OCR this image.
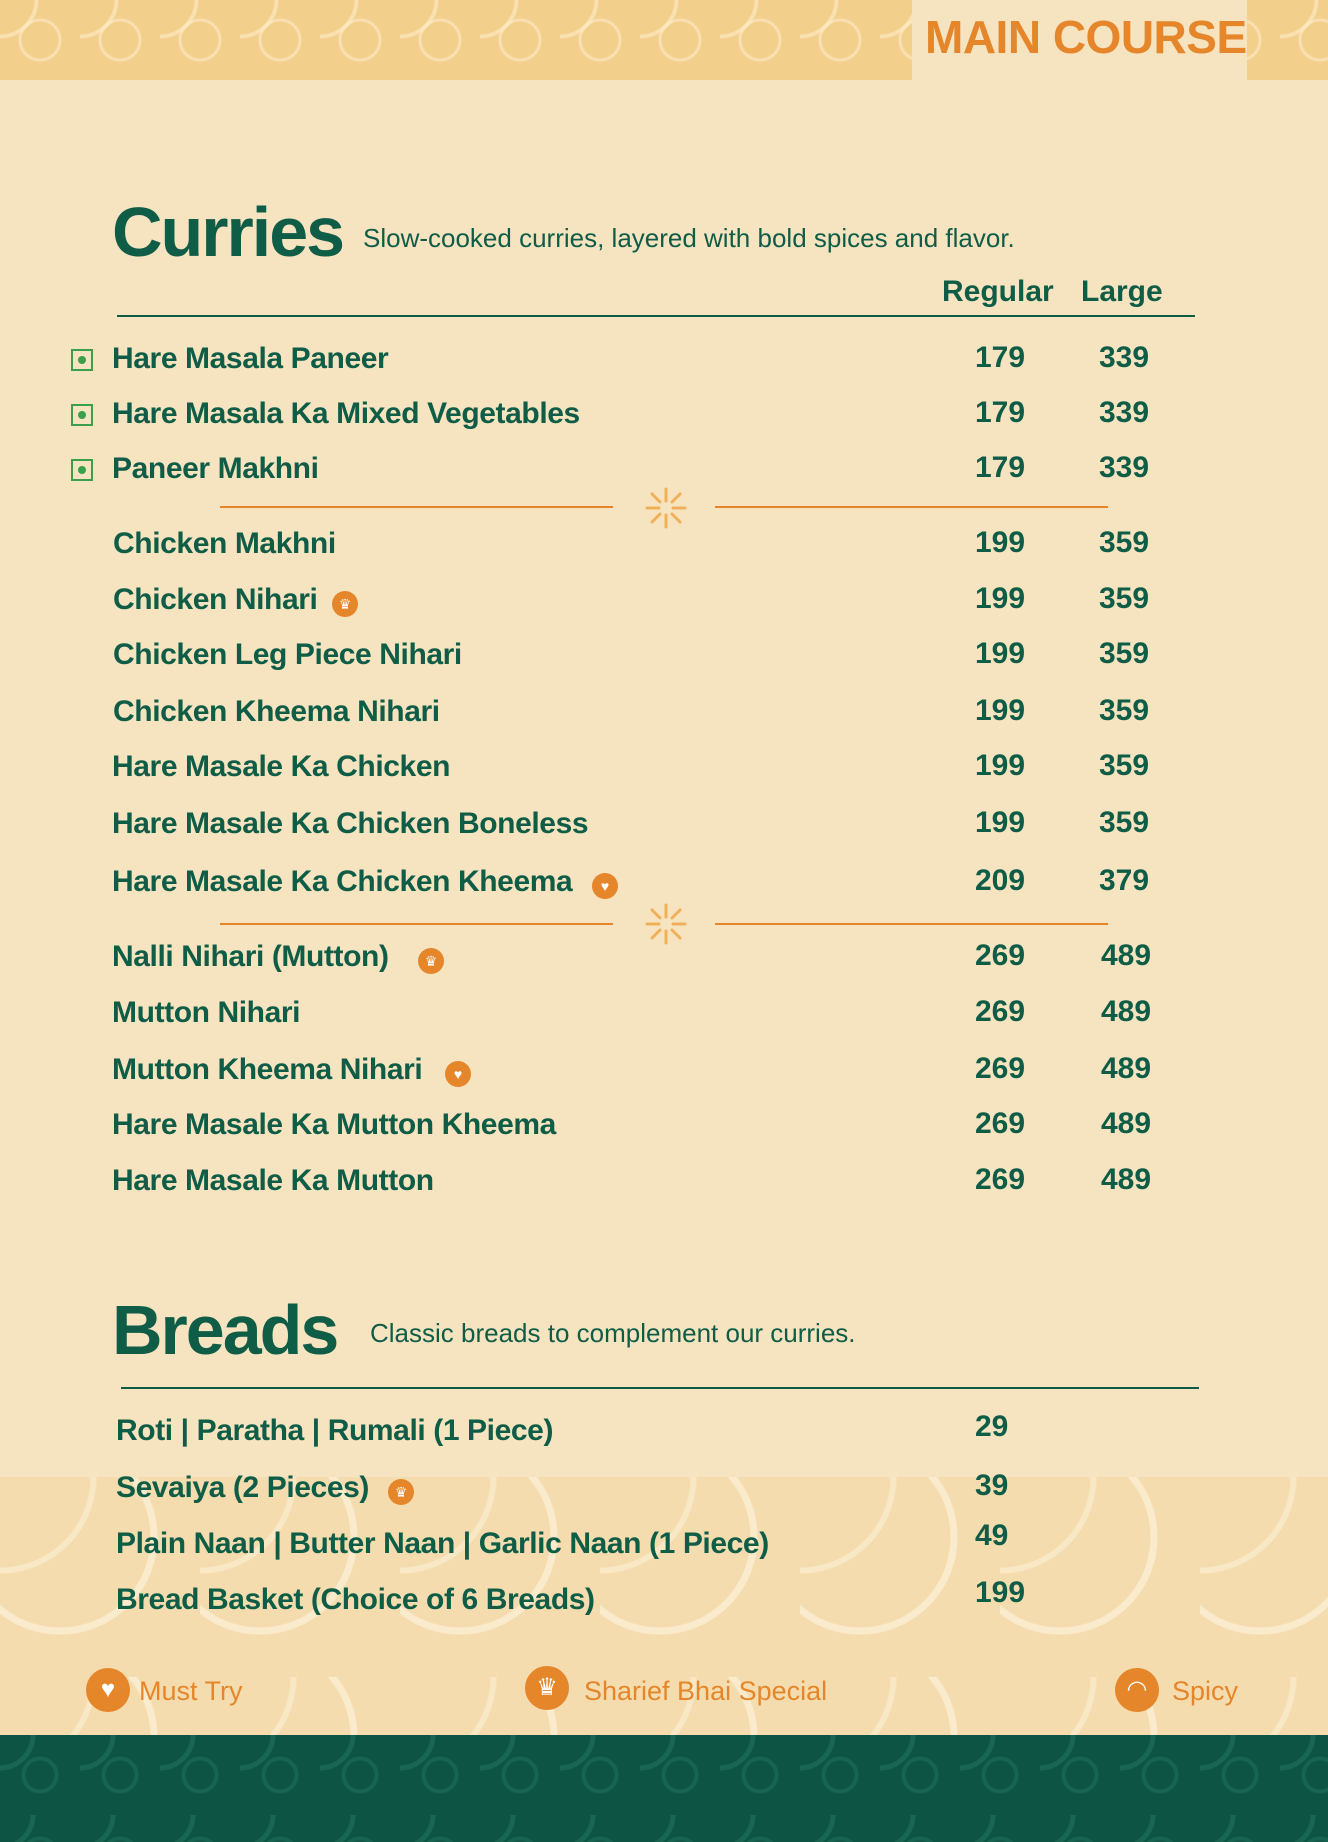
MAIN COURSE
Curries Slow-cooked curries, layered with bold spices and flavor.
Regular Large
Hare Masala Paneer	179 339
Hare Masala Ka Mixed Vegetables	179 339
Paneer Makhni	179 339
Chicken Makhni	199 359
Chicken Nihari	♛	199 359
Chicken Leg Piece Nihari	199 359
Chicken Kheema Nihari	199 359
Hare Masale Ka Chicken	199 359
Hare Masale Ka Chicken Boneless	199 359
Hare Masale Ka Chicken Kheema	♥	209 379
Nalli Nihari (Mutton)	♛	269	489
Mutton Nihari	269	489
Mutton Kheema Nihari	♥	269	489
Hare Masale Ka Mutton Kheema	269	489
Hare Masale Ka Mutton	269	489
Breads Classic breads to complement our curries.
Roti | Paratha | Rumali (1 Piece)	29
Sevaiya (2 Pieces)	♛	39
Plain Naan | Butter Naan | Garlic Naan (1 Piece)	49
Bread Basket (Choice of 6 Breads)	199
♥ Must Try	♛ Sharief Bhai Special	◠ Spicy
